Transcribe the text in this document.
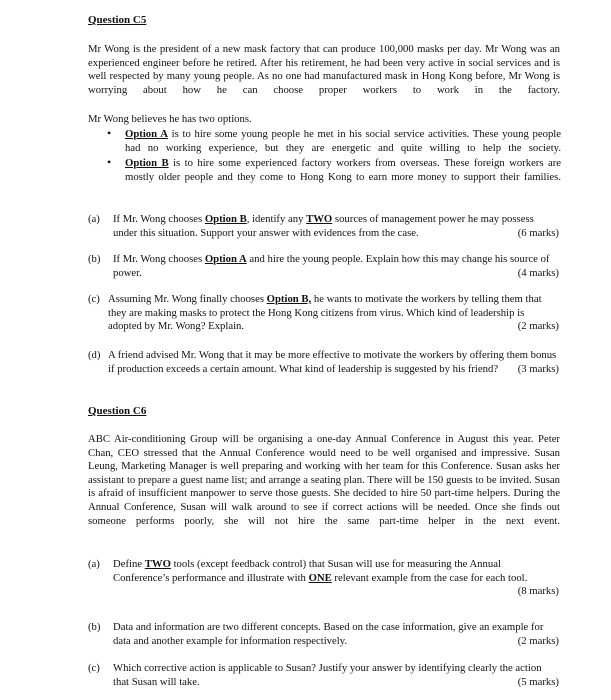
Question C5
Mr Wong is the president of a new mask factory that can produce 100,000 masks per day. Mr Wong was an experienced engineer before he retired. After his retirement, he had been very active in social services and is well respected by many young people. As no one had manufactured mask in Hong Kong before, Mr Wong is worrying about how he can choose proper workers to work in the factory.
Mr Wong believes he has two options.
• Option A is to hire some young people he met in his social service activities. These young people had no working experience, but they are energetic and quite willing to help the society.
• Option B is to hire some experienced factory workers from overseas. These foreign workers are mostly older people and they come to Hong Kong to earn more money to support their families.
(a) If Mr. Wong chooses Option B, identify any TWO sources of management power he may possess under this situation. Support your answer with evidences from the case.	(6 marks)
(b) If Mr. Wong chooses Option A and hire the young people. Explain how this may change his source of power.	(4 marks)
(c) Assuming Mr. Wong finally chooses Option B, he wants to motivate the workers by telling them that they are making masks to protect the Hong Kong citizens from virus. Which kind of leadership is adopted by Mr. Wong? Explain.	(2 marks)
(d) A friend advised Mr. Wong that it may be more effective to motivate the workers by offering them bonus if production exceeds a certain amount. What kind of leadership is suggested by his friend? (3 marks)
Question C6
ABC Air-conditioning Group will be organising a one-day Annual Conference in August this year. Peter Chan, CEO stressed that the Annual Conference would need to be well organised and impressive. Susan Leung, Marketing Manager is well preparing and working with her team for this Conference. Susan asks her assistant to prepare a guest name list; and arrange a seating plan. There will be 150 guests to be invited. Susan is afraid of insufficient manpower to serve those guests. She decided to hire 50 part-time helpers. During the Annual Conference, Susan will walk around to see if correct actions will be needed. Once she finds out someone performs poorly, she will not hire the same part-time helper in the next event.
(a) Define TWO tools (except feedback control) that Susan will use for measuring the Annual Conference’s performance and illustrate with ONE relevant example from the case for each tool.
(8 marks)
(b) Data and information are two different concepts. Based on the case information, give an example for data and another example for information respectively.	(2 marks)
(c) Which corrective action is applicable to Susan? Justify your answer by identifying clearly the action that Susan will take.	(5 marks)
